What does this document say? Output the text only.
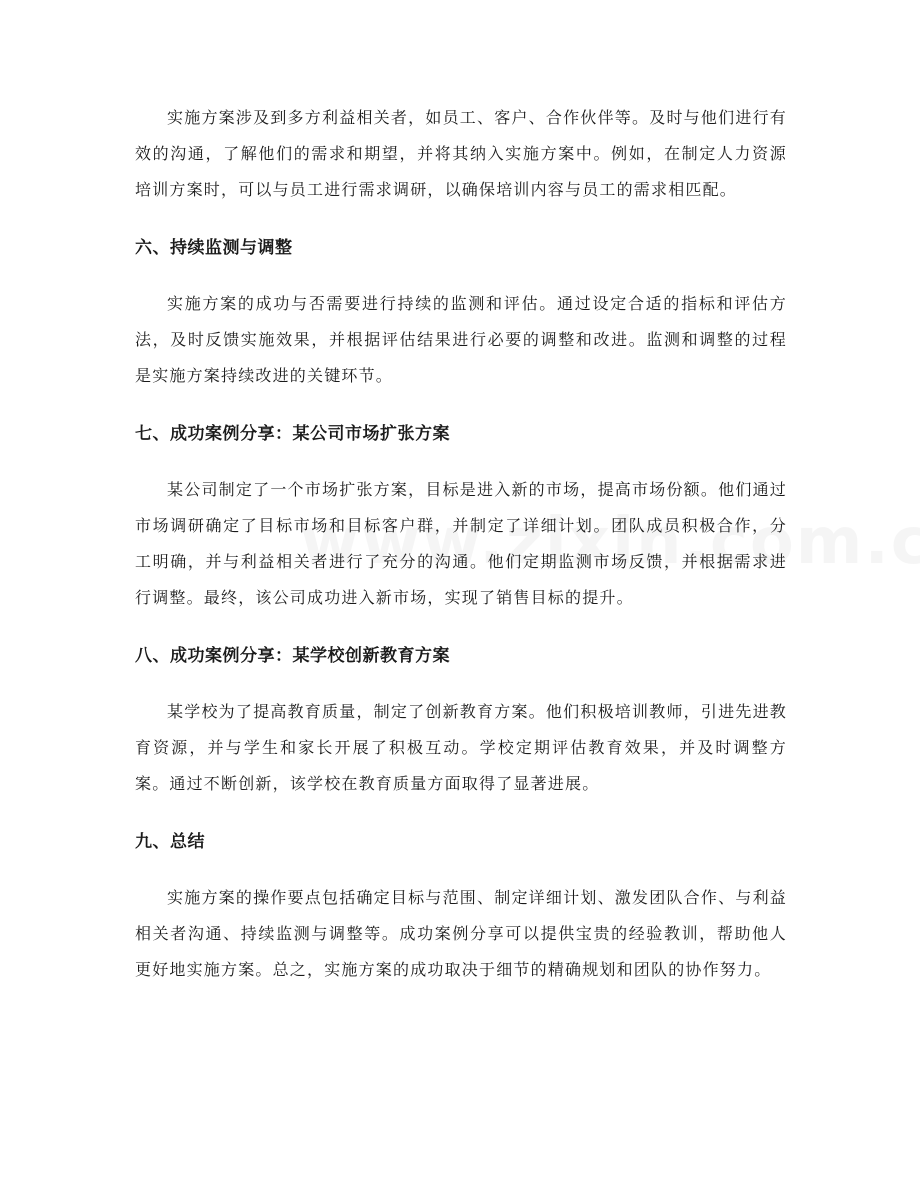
实施方案涉及到多方利益相关者，如员工、客户、合作伙伴等。及时与他们进行有效的沟通，了解他们的需求和期望，并将其纳入实施方案中。例如，在制定人力资源培训方案时，可以与员工进行需求调研，以确保培训内容与员工的需求相匹配。

六、持续监测与调整

实施方案的成功与否需要进行持续的监测和评估。通过设定合适的指标和评估方法，及时反馈实施效果，并根据评估结果进行必要的调整和改进。监测和调整的过程是实施方案持续改进的关键环节。

七、成功案例分享：某公司市场扩张方案

某公司制定了一个市场扩张方案，目标是进入新的市场，提高市场份额。他们通过市场调研确定了目标市场和目标客户群，并制定了详细计划。团队成员积极合作，分工明确，并与利益相关者进行了充分的沟通。他们定期监测市场反馈，并根据需求进行调整。最终，该公司成功进入新市场，实现了销售目标的提升。

八、成功案例分享：某学校创新教育方案

某学校为了提高教育质量，制定了创新教育方案。他们积极培训教师，引进先进教育资源，并与学生和家长开展了积极互动。学校定期评估教育效果，并及时调整方案。通过不断创新，该学校在教育质量方面取得了显著进展。

九、总结

实施方案的操作要点包括确定目标与范围、制定详细计划、激发团队合作、与利益相关者沟通、持续监测与调整等。成功案例分享可以提供宝贵的经验教训，帮助他人更好地实施方案。总之，实施方案的成功取决于细节的精确规划和团队的协作努力。
